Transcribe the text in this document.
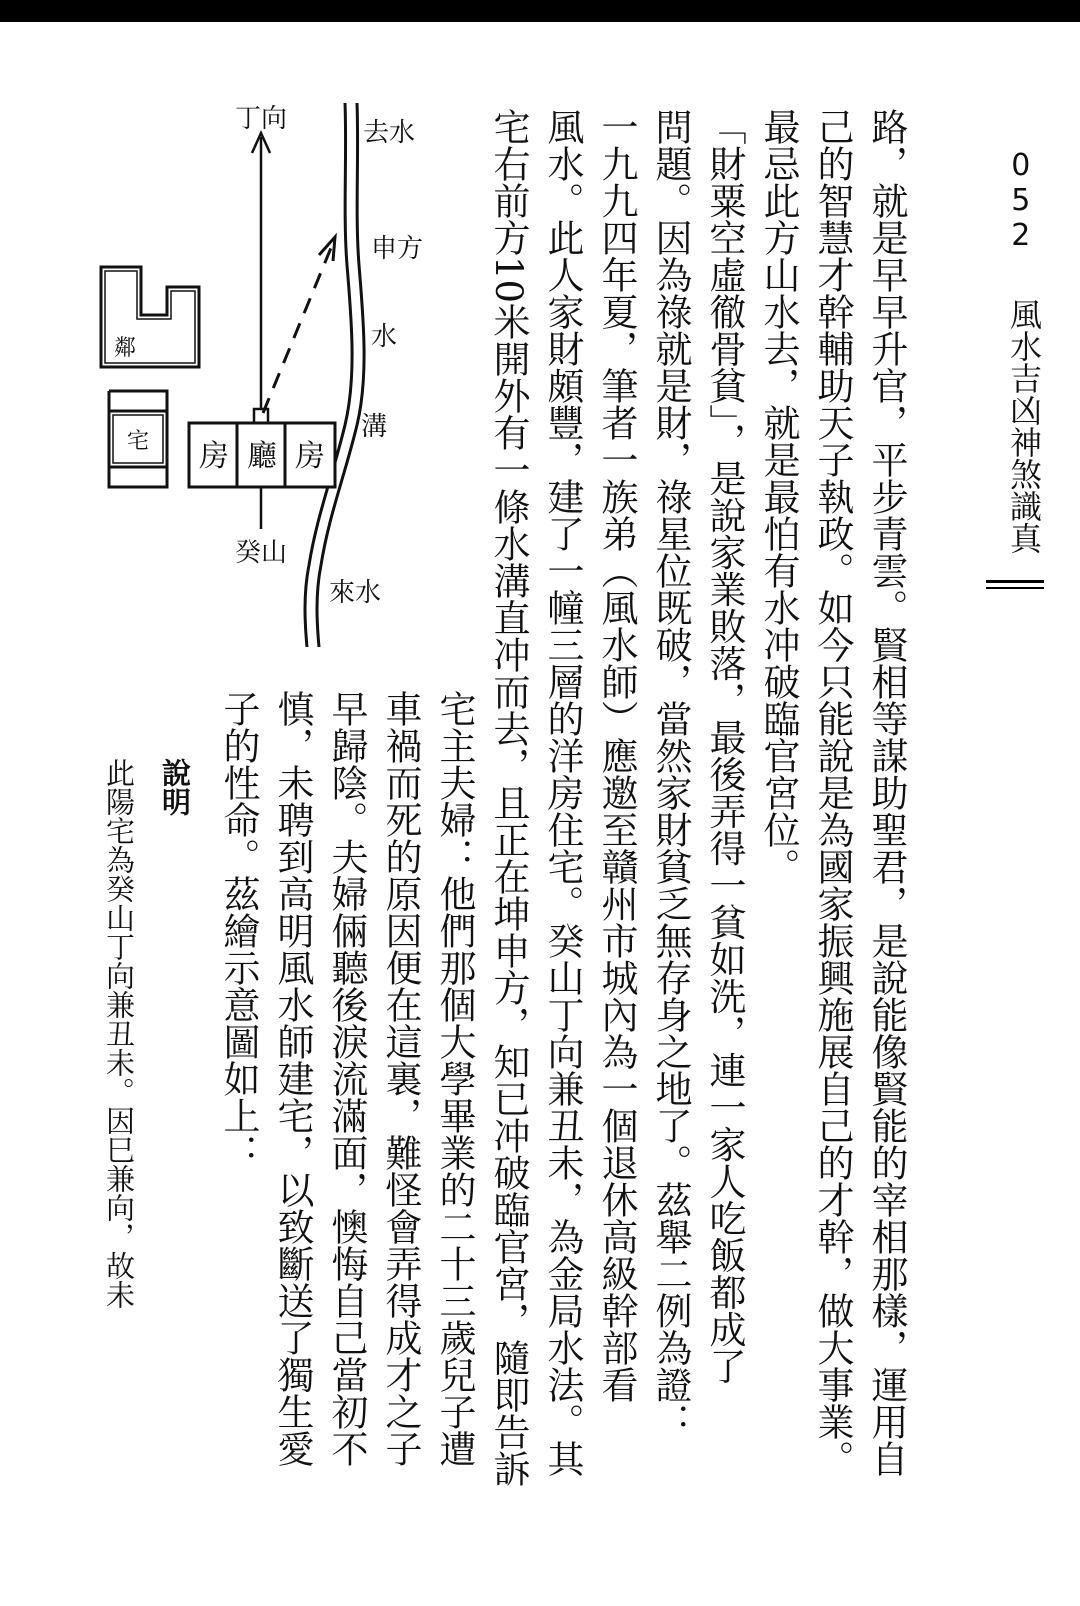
052
風水吉凶神煞識真
路，就是早早升官，平步青雲。賢相等謀助聖君，是說能像賢能的宰相那樣，運用自
己的智慧才幹輔助天子執政。如今只能說是為國家振興施展自己的才幹，做大事業。
最忌此方山水去，就是最怕有水冲破臨官宮位。
「財粟空虛徹骨貧」，是說家業敗落，最後弄得一貧如洗，連一家人吃飯都成了
問題。因為祿就是財，祿星位既破，當然家財貧乏無存身之地了。茲舉二例為證：
一九九四年夏，筆者一族弟（風水師）應邀至贛州市城內為一個退休高級幹部看
風水。此人家財頗豐，建了一幢三層的洋房住宅。癸山丁向兼丑未，為金局水法。其
宅右前方10米開外有一條水溝直冲而去，且正在坤申方，知已冲破臨官宮，隨即告訴
宅主夫婦：他們那個大學畢業的二十三歲兒子遭
車禍而死的原因便在這裏，難怪會弄得成才之子
早歸陰。夫婦倆聽後淚流滿面，懊悔自己當初不
慎，未聘到高明風水師建宅，以致斷送了獨生愛
子的性命。茲繪示意圖如上：
說明
此陽宅為癸山丁向兼丑未。因巳兼向，故未
房 廳 房
鄰
宅
丁向
癸山
去水
申方
水
溝
來水
